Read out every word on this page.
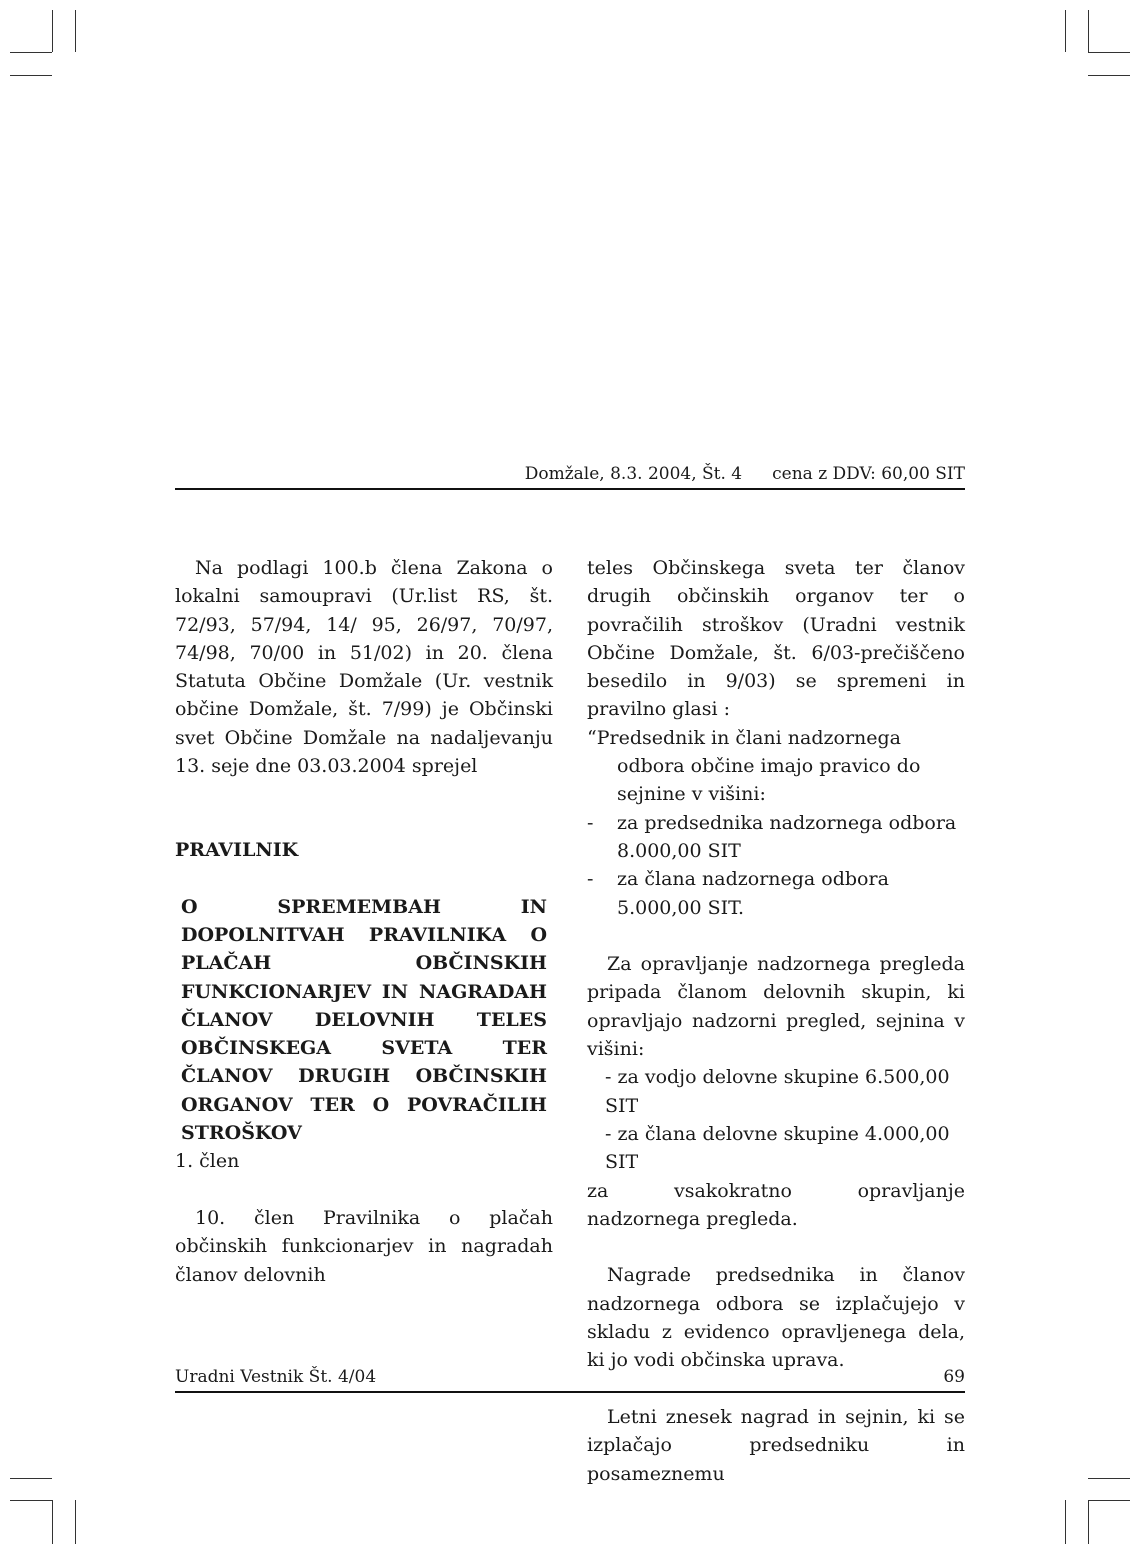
Domžale, 8.3. 2004, Št. 4 cena z DDV: 60,00 SIT

Na podlagi 100.b člena Zakona o lokalni samoupravi (Ur.list RS, št. 72/93, 57/94, 14/ 95, 26/97, 70/97, 74/98, 70/00 in 51/02) in 20. člena Statuta Občine Domžale (Ur. vestnik občine Domžale, št. 7/99) je Občinski svet Občine Domžale na nadaljevanju 13. seje dne 03.03.2004 sprejel

PRAVILNIK

O SPREMEMBAH IN DOPOLNITVAH PRAVILNIKA O PLAČAH OBČINSKIH FUNKCIONARJEV IN NAGRADAH ČLANOV DELOVNIH TELES OBČINSKEGA SVETA TER ČLANOV DRUGIH OBČINSKIH ORGANOV TER O POVRAČILIH STROŠKOV

1. člen

10. člen Pravilnika o plačah občinskih funkcionarjev in nagradah članov delovnih

teles Občinskega sveta ter članov drugih občinskih organov ter o povračilih stroškov (Uradni vestnik Občine Domžale, št. 6/03-prečiščeno besedilo in 9/03) se spremeni in pravilno glasi :

“Predsednik in člani nadzornega odbora občine imajo pravico do sejnine v višini:

- za predsednika nadzornega odbora
8.000,00 SIT
- za člana nadzornega odbora
5.000,00 SIT.

Za opravljanje nadzornega pregleda pripada članom delovnih skupin, ki opravljajo nadzorni pregled, sejnina v višini:

- za vodjo delovne skupine 6.500,00 SIT
- za člana delovne skupine 4.000,00 SIT

za vsakokratno opravljanje nadzornega pregleda.

Nagrade predsednika in članov nadzornega odbora se izplačujejo v skladu z evidenco opravljenega dela, ki jo vodi občinska uprava.

Letni znesek nagrad in sejnin, ki se izplačajo predsedniku in posameznemu

Uradni Vestnik Št. 4/04	69
